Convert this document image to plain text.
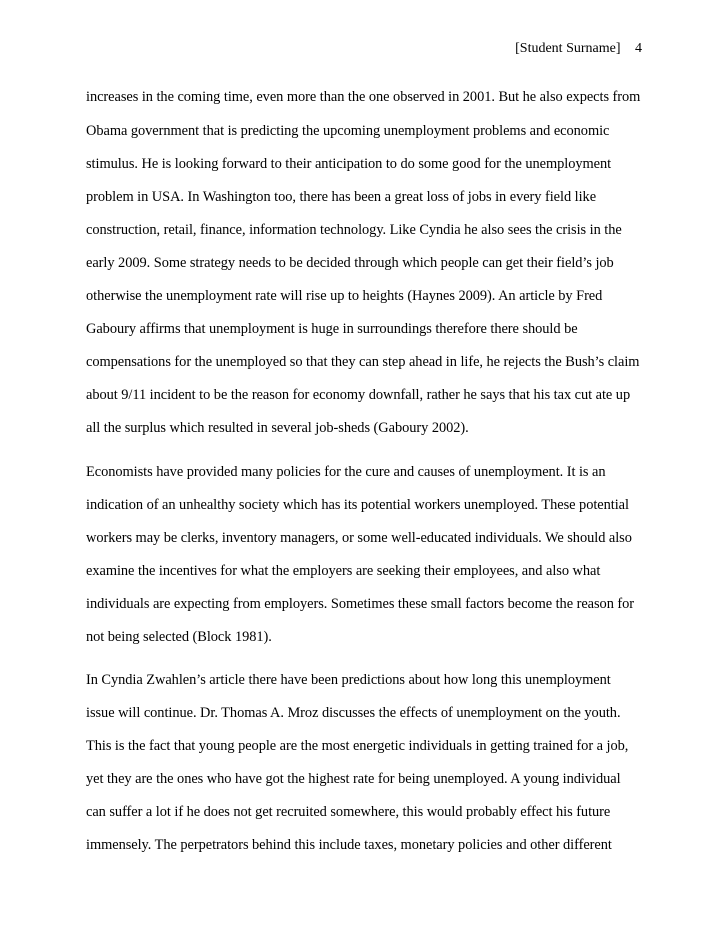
[Student Surname] 4
increases in the coming time, even more than the one observed in 2001. But he also expects from
Obama government that is predicting the upcoming unemployment problems and economic
stimulus. He is looking forward to their anticipation to do some good for the unemployment
problem in USA. In Washington too, there has been a great loss of jobs in every field like
construction, retail, finance, information technology. Like Cyndia he also sees the crisis in the
early 2009. Some strategy needs to be decided through which people can get their field’s job
otherwise the unemployment rate will rise up to heights (Haynes 2009). An article by Fred
Gaboury affirms that unemployment is huge in surroundings therefore there should be
compensations for the unemployed so that they can step ahead in life, he rejects the Bush’s claim
about 9/11 incident to be the reason for economy downfall, rather he says that his tax cut ate up
all the surplus which resulted in several job-sheds (Gaboury 2002).
Economists have provided many policies for the cure and causes of unemployment. It is an
indication of an unhealthy society which has its potential workers unemployed. These potential
workers may be clerks, inventory managers, or some well-educated individuals. We should also
examine the incentives for what the employers are seeking their employees, and also what
individuals are expecting from employers. Sometimes these small factors become the reason for
not being selected (Block 1981).
In Cyndia Zwahlen’s article there have been predictions about how long this unemployment
issue will continue. Dr. Thomas A. Mroz discusses the effects of unemployment on the youth.
This is the fact that young people are the most energetic individuals in getting trained for a job,
yet they are the ones who have got the highest rate for being unemployed. A young individual
can suffer a lot if he does not get recruited somewhere, this would probably effect his future
immensely. The perpetrators behind this include taxes, monetary policies and other different
